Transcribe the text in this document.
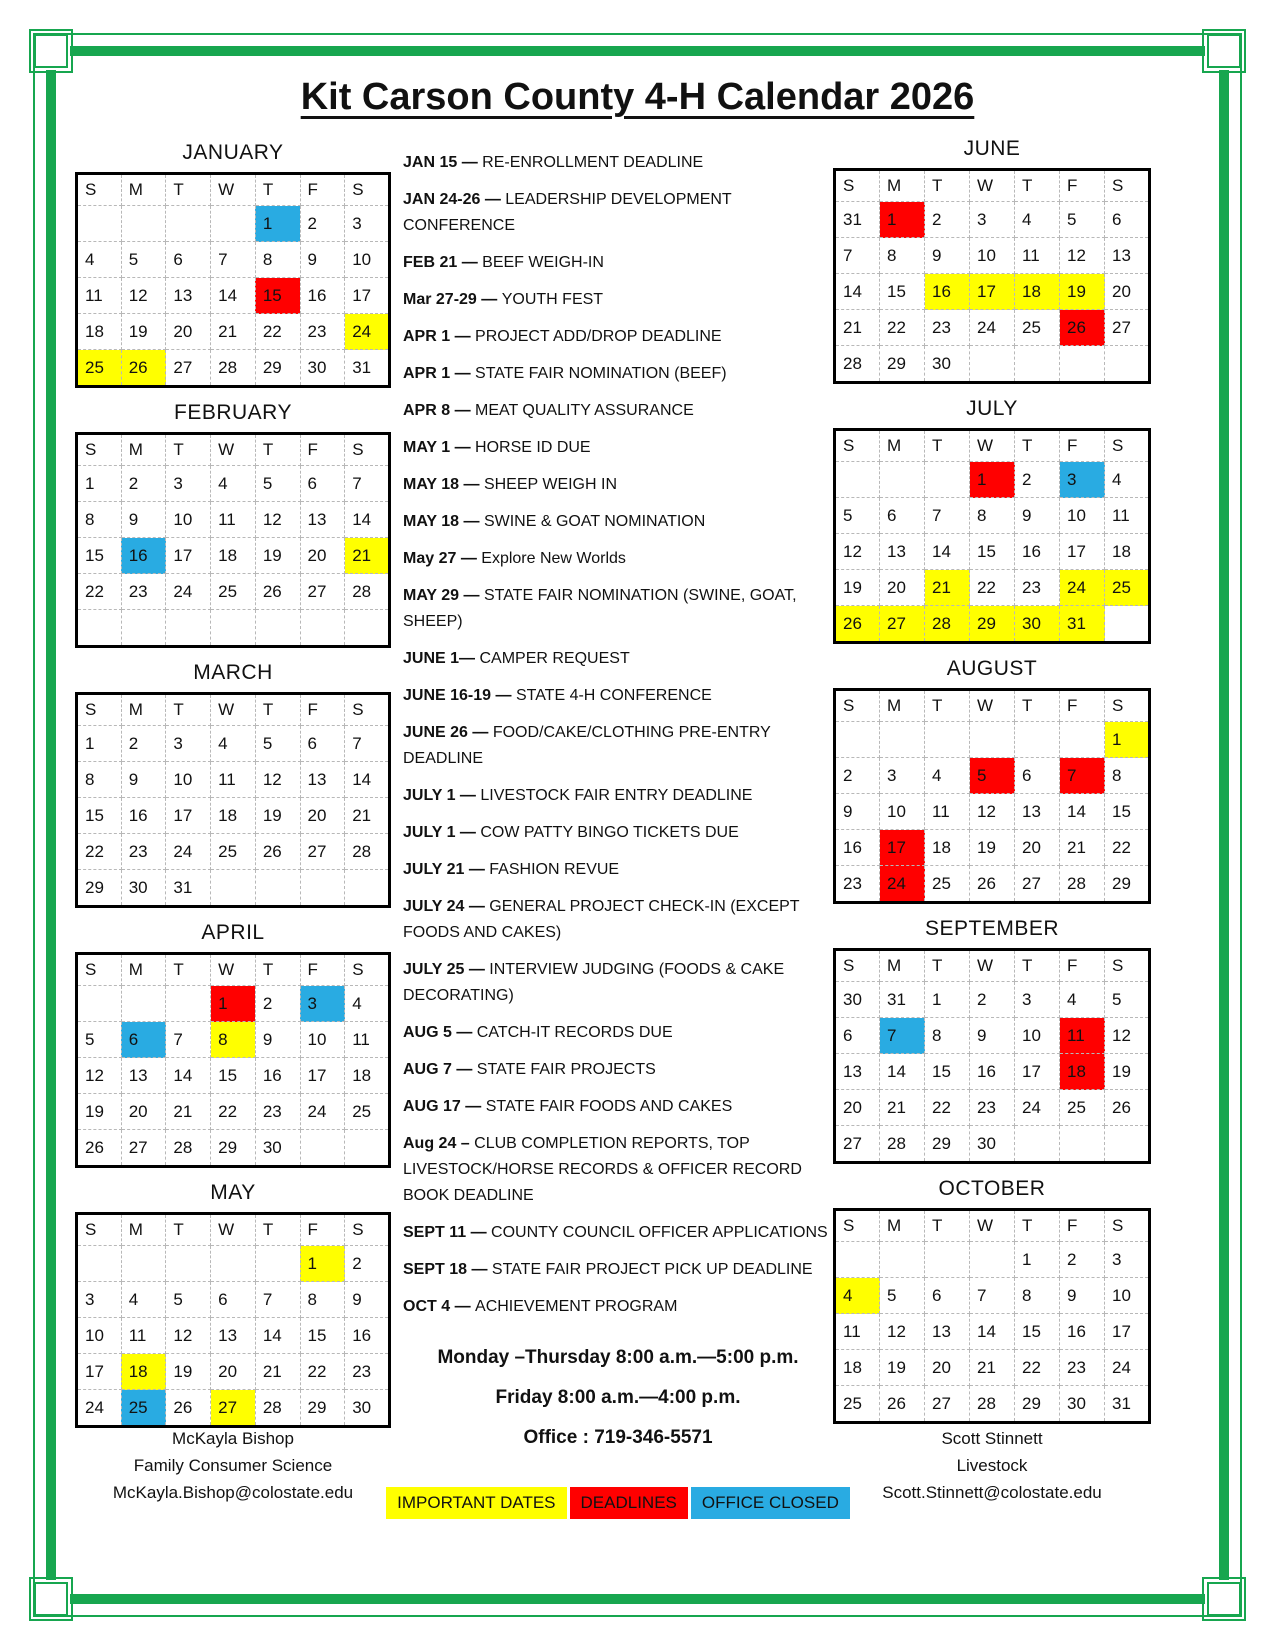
Kit Carson County 4-H Calendar 2026
JANUARY
S	M	T	W	T	F	S
				1	2	3
4	5	6	7	8	9	10
11	12	13	14	15	16	17
18	19	20	21	22	23	24
25	26	27	28	29	30	31
FEBRUARY
S	M	T	W	T	F	S
1	2	3	4	5	6	7
8	9	10	11	12	13	14
15	16	17	18	19	20	21
22	23	24	25	26	27	28

MARCH
S	M	T	W	T	F	S
1	2	3	4	5	6	7
8	9	10	11	12	13	14
15	16	17	18	19	20	21
22	23	24	25	26	27	28
29	30	31				
APRIL
S	M	T	W	T	F	S
			1	2	3	4
5	6	7	8	9	10	11
12	13	14	15	16	17	18
19	20	21	22	23	24	25
26	27	28	29	30		
MAY
S	M	T	W	T	F	S
					1	2
3	4	5	6	7	8	9
10	11	12	13	14	15	16
17	18	19	20	21	22	23
24	25	26	27	28	29	30

JAN 15 — RE-ENROLLMENT DEADLINE

JAN 24-26 — LEADERSHIP DEVELOPMENT CONFERENCE

FEB 21 — BEEF WEIGH-IN

Mar 27-29 — YOUTH FEST

APR 1 — PROJECT ADD/DROP DEADLINE

APR 1 — STATE FAIR NOMINATION (BEEF)

APR 8 — MEAT QUALITY ASSURANCE

MAY 1 — HORSE ID DUE

MAY 18 — SHEEP WEIGH IN

MAY 18 — SWINE & GOAT NOMINATION

May 27 — Explore New Worlds

MAY 29 — STATE FAIR NOMINATION (SWINE, GOAT, SHEEP)

JUNE 1— CAMPER REQUEST

JUNE 16-19 — STATE 4-H CONFERENCE

JUNE 26 — FOOD/CAKE/CLOTHING PRE-ENTRY DEADLINE

JULY 1 — LIVESTOCK FAIR ENTRY DEADLINE

JULY 1 — COW PATTY BINGO TICKETS DUE

JULY 21 — FASHION REVUE

JULY 24 — GENERAL PROJECT CHECK-IN (EXCEPT FOODS AND CAKES)

JULY 25 — INTERVIEW JUDGING (FOODS & CAKE DECORATING)

AUG 5 — CATCH-IT RECORDS DUE

AUG 7 — STATE FAIR PROJECTS

AUG 17 — STATE FAIR FOODS AND CAKES

Aug 24 – CLUB COMPLETION REPORTS, TOP LIVESTOCK/HORSE RECORDS & OFFICER RECORD BOOK DEADLINE

SEPT 11 — COUNTY COUNCIL OFFICER APPLICATIONS

SEPT 18 — STATE FAIR PROJECT PICK UP DEADLINE

OCT 4 — ACHIEVEMENT PROGRAM

JUNE
S	M	T	W	T	F	S
31	1	2	3	4	5	6
7	8	9	10	11	12	13
14	15	16	17	18	19	20
21	22	23	24	25	26	27
28	29	30				
JULY
S	M	T	W	T	F	S
			1	2	3	4
5	6	7	8	9	10	11
12	13	14	15	16	17	18
19	20	21	22	23	24	25
26	27	28	29	30	31	
AUGUST
S	M	T	W	T	F	S
						1
2	3	4	5	6	7	8
9	10	11	12	13	14	15
16	17	18	19	20	21	22
23	24	25	26	27	28	29
SEPTEMBER
S	M	T	W	T	F	S
30	31	1	2	3	4	5
6	7	8	9	10	11	12
13	14	15	16	17	18	19
20	21	22	23	24	25	26
27	28	29	30			
OCTOBER
S	M	T	W	T	F	S
				1	2	3
4	5	6	7	8	9	10
11	12	13	14	15	16	17
18	19	20	21	22	23	24
25	26	27	28	29	30	31
Monday –Thursday 8:00 a.m.—5:00 p.m.
Friday 8:00 a.m.—4:00 p.m.
Office : 719-346-5571
IMPORTANT DATES	DEADLINES	OFFICE CLOSED
McKayla Bishop
Family Consumer Science
McKayla.Bishop@colostate.edu
Scott Stinnett
Livestock
Scott.Stinnett@colostate.edu
